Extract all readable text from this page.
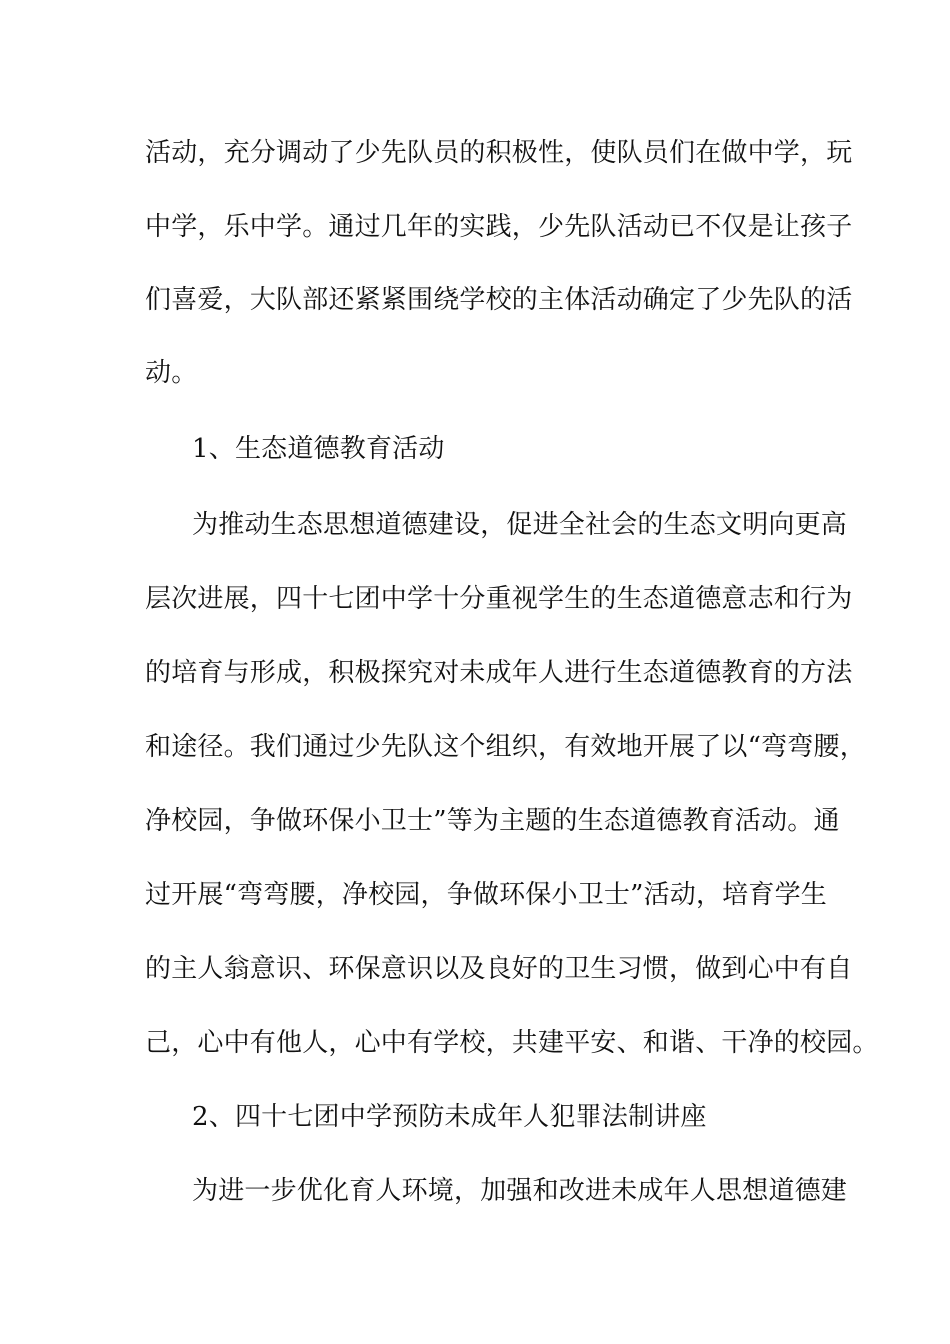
活动，充分调动了少先队员的积极性，使队员们在做中学，玩
中学，乐中学。通过几年的实践，少先队活动已不仅是让孩子
们喜爱，大队部还紧紧围绕学校的主体活动确定了少先队的活
动。
1、生态道德教育活动
为推动生态思想道德建设，促进全社会的生态文明向更高
层次进展，四十七团中学十分重视学生的生态道德意志和行为
的培育与形成，积极探究对未成年人进行生态道德教育的方法
和途径。我们通过少先队这个组织，有效地开展了以“弯弯腰，
净校园，争做环保小卫士”等为主题的生态道德教育活动。通
过开展“弯弯腰，净校园，争做环保小卫士”活动，培育学生
的主人翁意识、环保意识以及良好的卫生习惯，做到心中有自
己，心中有他人，心中有学校，共建平安、和谐、干净的校园。
2、四十七团中学预防未成年人犯罪法制讲座
为进一步优化育人环境，加强和改进未成年人思想道德建
